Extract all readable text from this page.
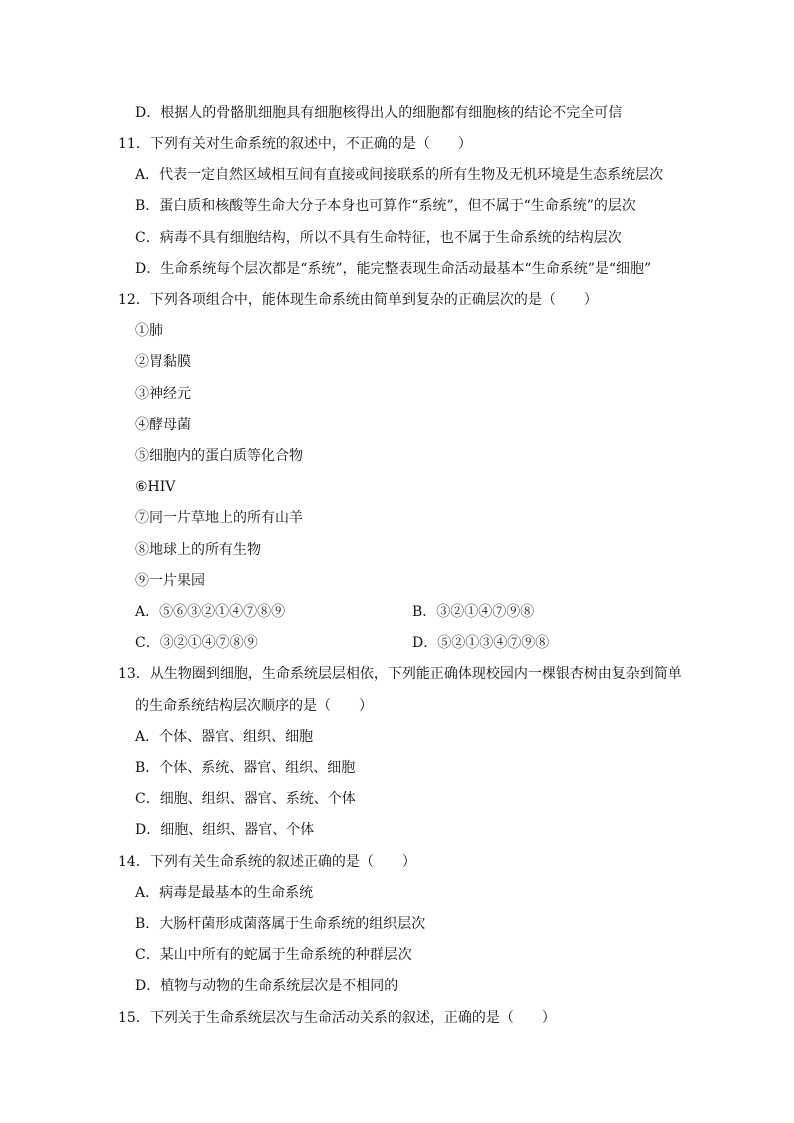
D．根据人的骨骼肌细胞具有细胞核得出人的细胞都有细胞核的结论不完全可信
11．下列有关对生命系统的叙述中，不正确的是（　　）
A．代表一定自然区域相互间有直接或间接联系的所有生物及无机环境是生态系统层次
B．蛋白质和核酸等生命大分子本身也可算作“系统”，但不属于“生命系统”的层次
C．病毒不具有细胞结构，所以不具有生命特征，也不属于生命系统的结构层次
D．生命系统每个层次都是“系统”，能完整表现生命活动最基本“生命系统”是“细胞”
12．下列各项组合中，能体现生命系统由简单到复杂的正确层次的是（　　）
①肺
②胃黏膜
③神经元
④酵母菌
⑤细胞内的蛋白质等化合物
⑥HIV
⑦同一片草地上的所有山羊
⑧地球上的所有生物
⑨一片果园
A．⑤⑥③②①④⑦⑧⑨	B．③②①④⑦⑨⑧
C．③②①④⑦⑧⑨	D．⑤②①③④⑦⑨⑧
13．从生物圈到细胞，生命系统层层相依，下列能正确体现校园内一棵银杏树由复杂到简单
的生命系统结构层次顺序的是（　　）
A．个体、器官、组织、细胞
B．个体、系统、器官、组织、细胞
C．细胞、组织、器官、系统、个体
D．细胞、组织、器官、个体
14．下列有关生命系统的叙述正确的是（　　）
A．病毒是最基本的生命系统
B．大肠杆菌形成菌落属于生命系统的组织层次
C．某山中所有的蛇属于生命系统的种群层次
D．植物与动物的生命系统层次是不相同的
15．下列关于生命系统层次与生命活动关系的叙述，正确的是（　　）
